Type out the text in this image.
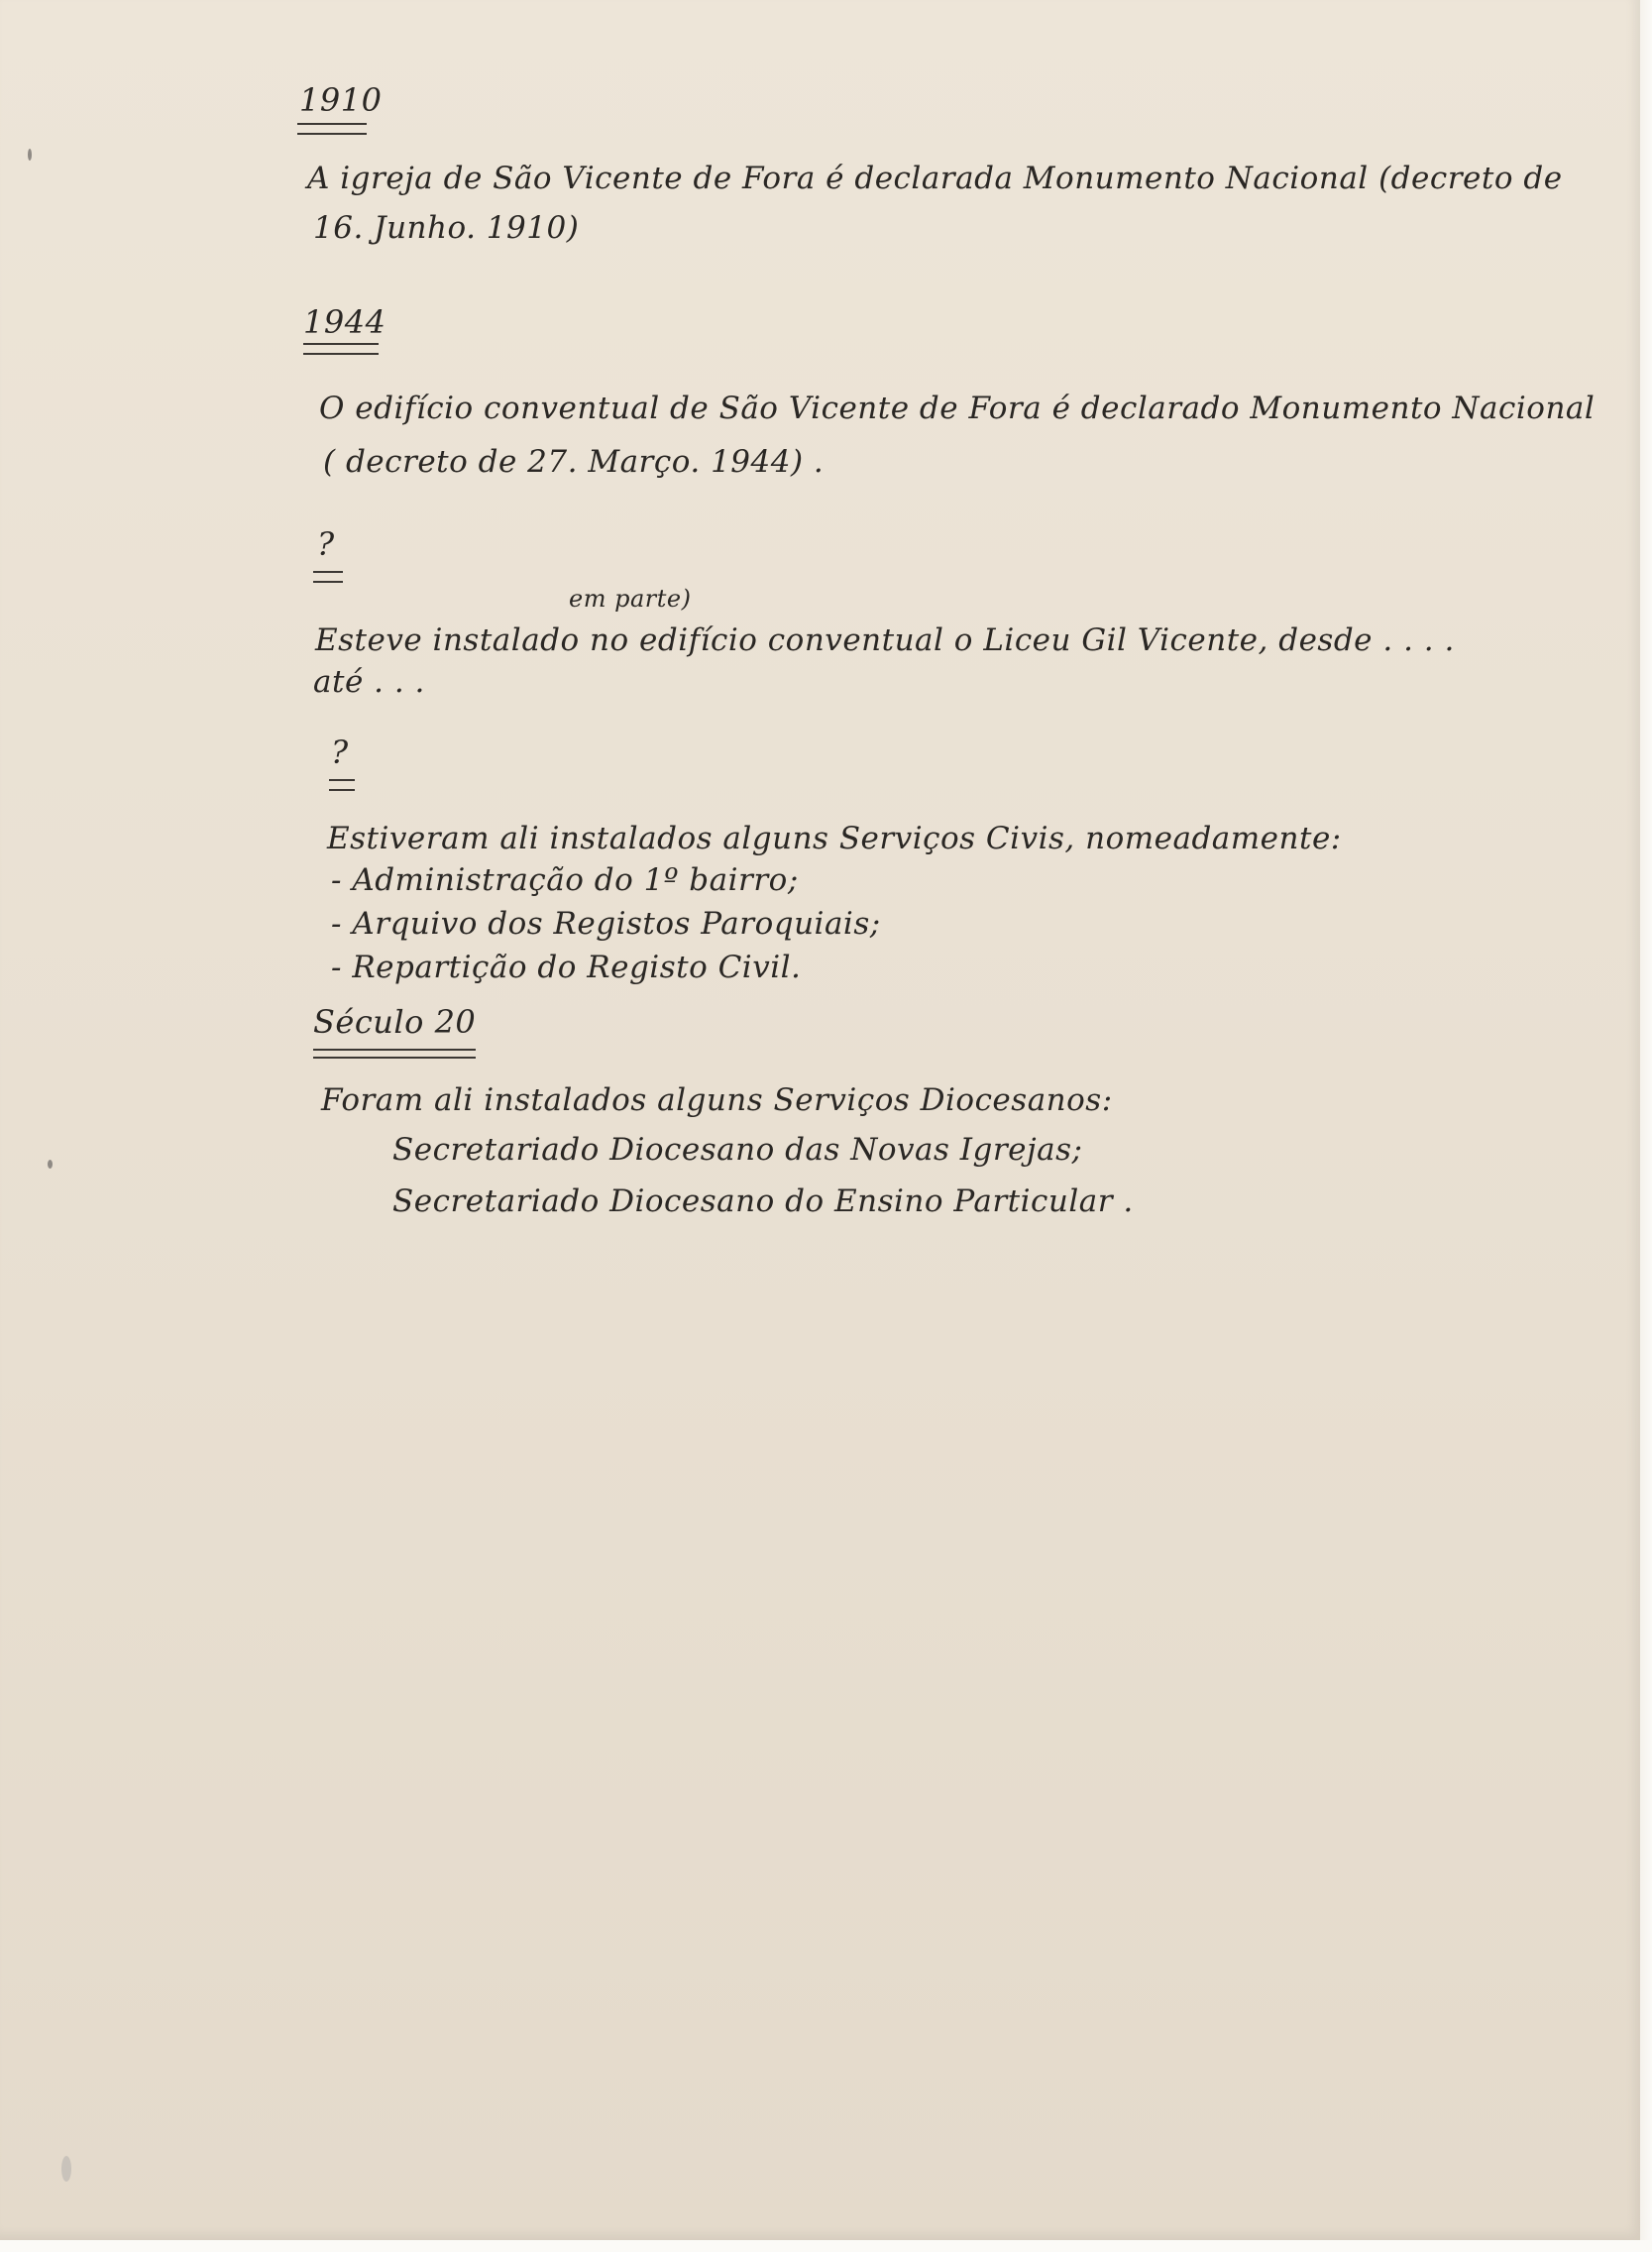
1910
A igreja de São Vicente de Fora é declarada Monumento Nacional (decreto de
16. Junho. 1910)
1944
O edifício conventual de São Vicente de Fora é declarado Monumento Nacional
( decreto de 27. Março. 1944) .
?
em parte)
Esteve instalado no edifício conventual o Liceu Gil Vicente, desde . . . .
até . . .
?
Estiveram ali instalados alguns Serviços Civis, nomeadamente:
- Administração do 1º bairro;
- Arquivo dos Registos Paroquiais;
- Repartição do Registo Civil.
Século 20
Foram ali instalados alguns Serviços Diocesanos:
Secretariado Diocesano das Novas Igrejas;
Secretariado Diocesano do Ensino Particular .
